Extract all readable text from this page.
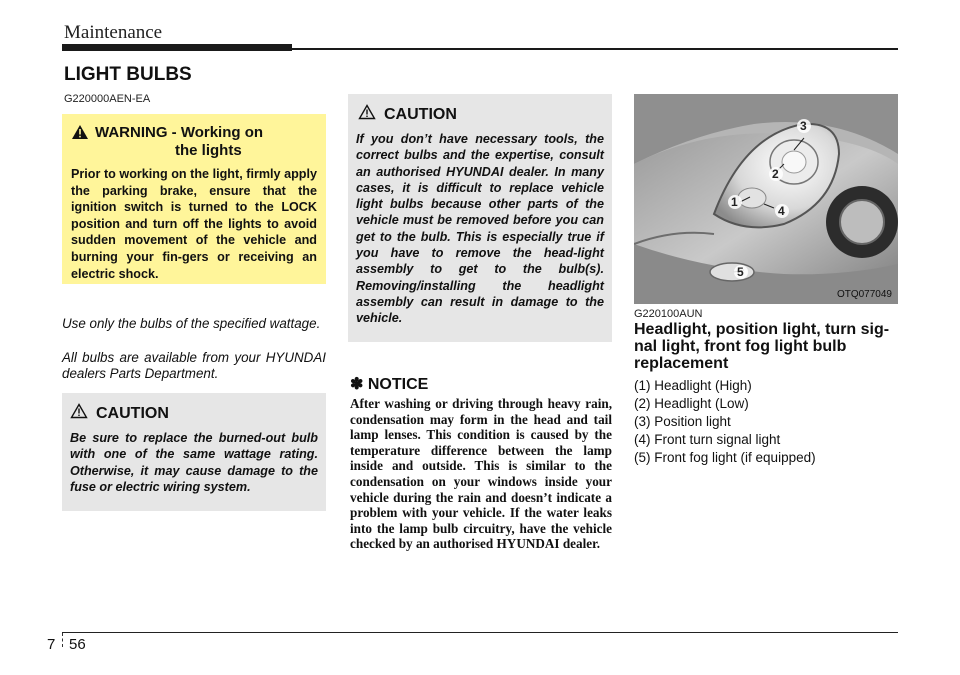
Maintenance
LIGHT BULBS
G220000AEN-EA
WARNING - Working on
the lights
Prior to working on the light, firmly apply the parking brake, ensure that the ignition switch is turned to the LOCK position and turn off the lights to avoid sudden movement of the vehicle and burning your fin-gers or receiving an electric shock.
Use only the bulbs of the specified wattage.
All bulbs are available from your HYUNDAI dealers Parts Department.
CAUTION
Be sure to replace the burned-out bulb with one of the same wattage rating. Otherwise, it may cause damage to the fuse or electric wiring system.
CAUTION
If you don’t have necessary tools, the correct bulbs and the expertise, consult an authorised HYUNDAI dealer. In many cases, it is difficult to replace vehicle light bulbs because other parts of the vehicle must be removed before you can get to the bulb. This is especially true if you have to remove the head-light assembly to get to the bulb(s). Removing/installing the headlight assembly can result in damage to the vehicle.
✽ NOTICE
After washing or driving through heavy rain, condensation may form in the head and tail lamp lenses. This condition is caused by the temperature difference between the lamp inside and outside. This is similar to the condensation on your windows inside your vehicle during the rain and doesn’t indicate a problem with your vehicle. If the water leaks into the lamp bulb circuitry, have the vehicle checked by an authorised HYUNDAI dealer.
1
2
3
4
5
OTQ077049
G220100AUN
Headlight, position light, turn sig-nal light, front fog light bulb replacement
(1) Headlight (High)
(2) Headlight (Low)
(3) Position light
(4) Front turn signal light
(5) Front fog light (if equipped)
7 56
